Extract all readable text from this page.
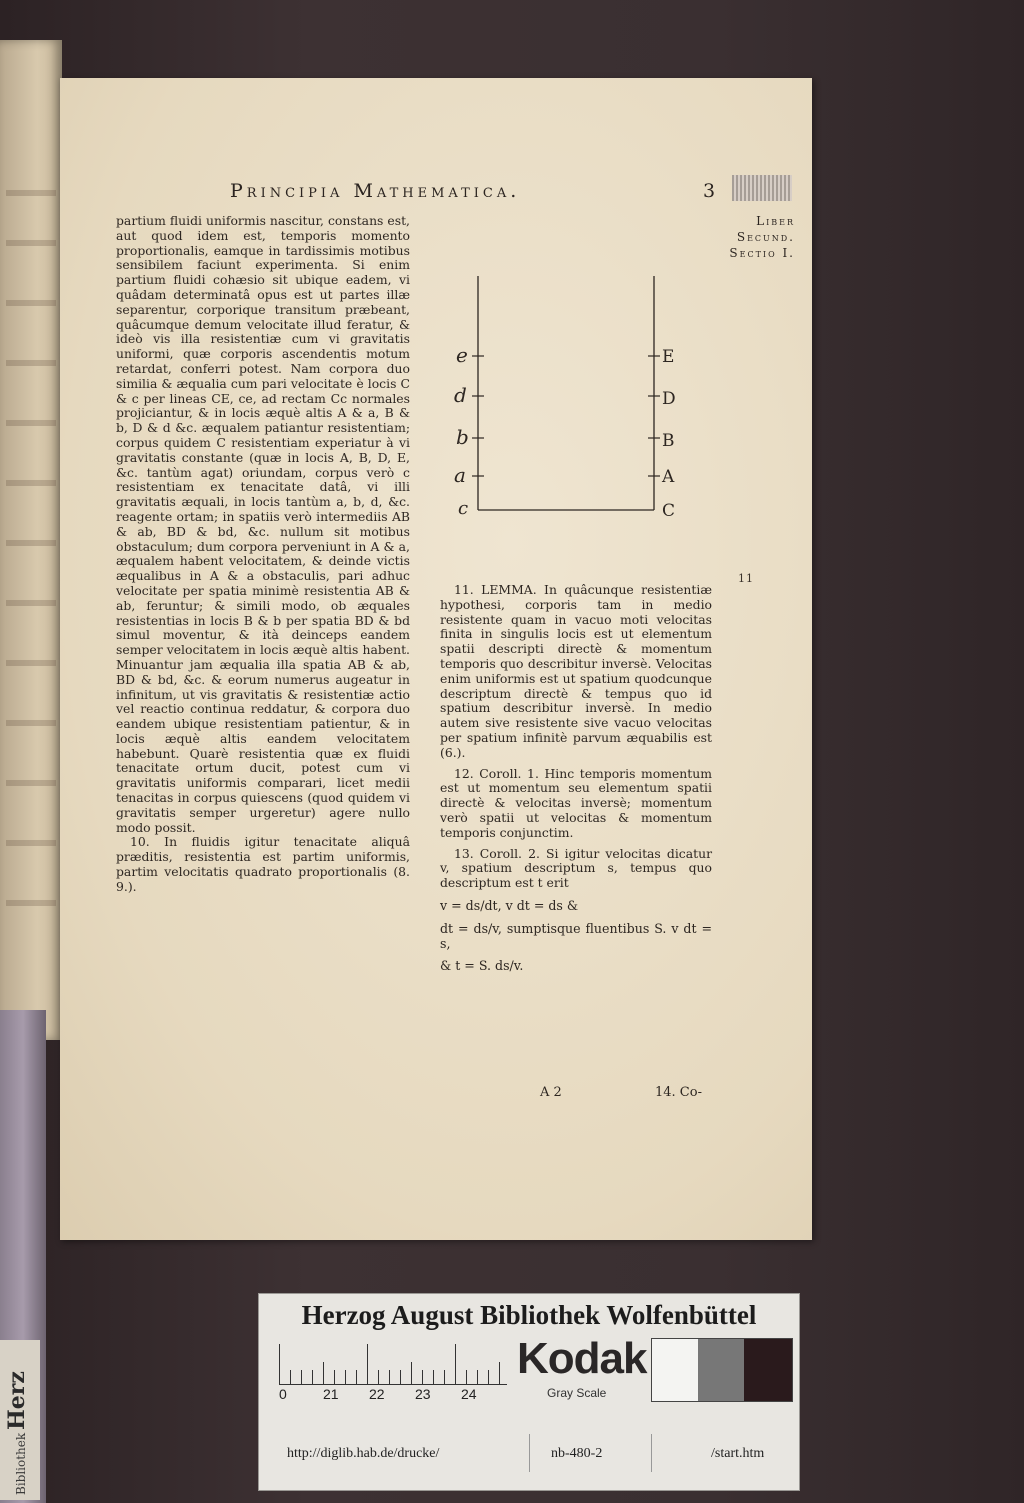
Herz
Bibliothek
Principia Mathematica.	3
Liber
Secund.
Sectio I.

partium fluidi uniformis nascitur, constans est, aut quod idem est, temporis momento proportionalis, eamque in tardissimis motibus sensibilem faciunt experimenta. Si enim partium fluidi cohæsio sit ubique eadem, vi quâdam determinatâ opus est ut partes illæ separentur, corporique transitum præbeant, quâcumque demum velocitate illud feratur, & ideò vis illa resistentiæ cum vi gravitatis uniformi, quæ corporis ascendentis motum retardat, conferri potest. Nam corpora duo similia & æqualia cum pari velocitate è locis C & c per lineas CE, ce, ad rectam Cc normales projiciantur, & in locis æquè altis A & a, B & b, D & d &c. æqualem patiantur resistentiam; corpus quidem C resistentiam experiatur à vi gravitatis constante (quæ in locis A, B, D, E, &c. tantùm agat) oriundam, corpus verò c resistentiam ex tenacitate datâ, vi illi gravitatis æquali, in locis tantùm a, b, d, &c. reagente ortam; in spatiis verò intermediis AB & ab, BD & bd, &c. nullum sit motibus obstaculum; dum corpora perveniunt in A & a, æqualem habent velocitatem, & deinde victis æqualibus in A & a obstaculis, pari adhuc velocitate per spatia minimè resistentia AB & ab, feruntur; & simili modo, ob æquales resistentias in locis B & b per spatia BD & bd simul moventur, & ità deinceps eandem semper velocitatem in locis æquè altis habent. Minuantur jam æqualia illa spatia AB & ab, BD & bd, &c. & eorum numerus augeatur in infinitum, ut vis gravitatis & resistentiæ actio vel reactio continua reddatur, & corpora duo eandem ubique resistentiam patientur, & in locis æquè altis eandem velocitatem habebunt. Quarè resistentia quæ ex fluidi tenacitate ortum ducit, potest cum vi gravitatis uniformis comparari, licet medii tenacitas in corpus quiescens (quod quidem vi gravitatis semper urgeretur) agere nullo modo possit.

10. In fluidis igitur tenacitate aliquâ præditis, resistentia est partim uniformis, partim velocitatis quadrato proportionalis (8. 9.).

e
d
b
a
c
E
D
B
A
C
11

11. LEMMA. In quâcunque resistentiæ hypothesi, corporis tam in medio resistente quam in vacuo moti velocitas finita in singulis locis est ut elementum spatii descripti directè & momentum temporis quo describitur inversè. Velocitas enim uniformis est ut spatium quodcunque descriptum directè & tempus quo id spatium describitur inversè. In medio autem sive resistente sive vacuo velocitas per spatium infinitè parvum æquabilis est (6.).

12. Coroll. 1. Hinc temporis momentum est ut momentum seu elementum spatii directè & velocitas inversè; momentum verò spatii ut velocitas & momentum temporis conjunctim.

13. Coroll. 2. Si igitur velocitas dicatur v, spatium descriptum s, tempus quo descriptum est t erit

v = ds/dt, v dt = ds &

dt = ds/v, sumptisque fluentibus S. v dt = s,

& t = S. ds/v.

A 2	14. Co-
Herzog August Bibliothek Wolfenbüttel
0	21 22 23 24
Kodak
Gray Scale
http://diglib.hab.de/drucke/	nb-480-2	/start.htm
